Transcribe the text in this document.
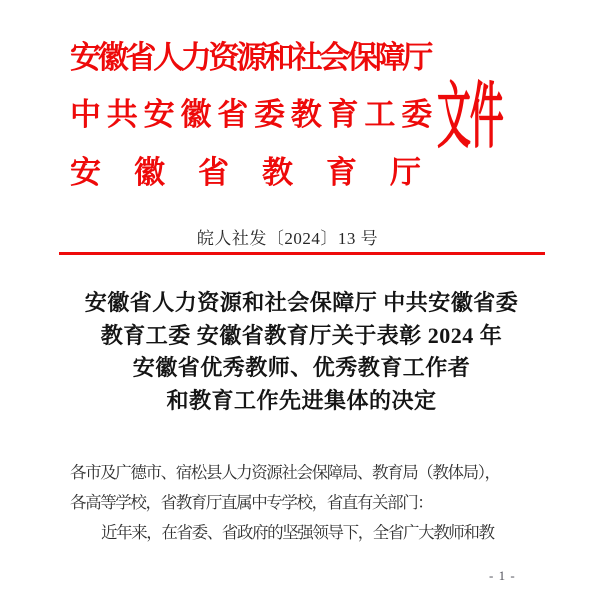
安徽省人力资源和社会保障厅
中共安徽省委教育工委
安徽省教育厅
文件
皖人社发〔2024〕13 号
安徽省人力资源和社会保障厅 中共安徽省委
教育工委 安徽省教育厅关于表彰 2024 年
安徽省优秀教师、优秀教育工作者
和教育工作先进集体的决定
各市及广德市、宿松县人力资源社会保障局、教育局（教体局），
各高等学校，省教育厅直属中专学校，省直有关部门：
近年来，在省委、省政府的坚强领导下，全省广大教师和教
- 1 -
